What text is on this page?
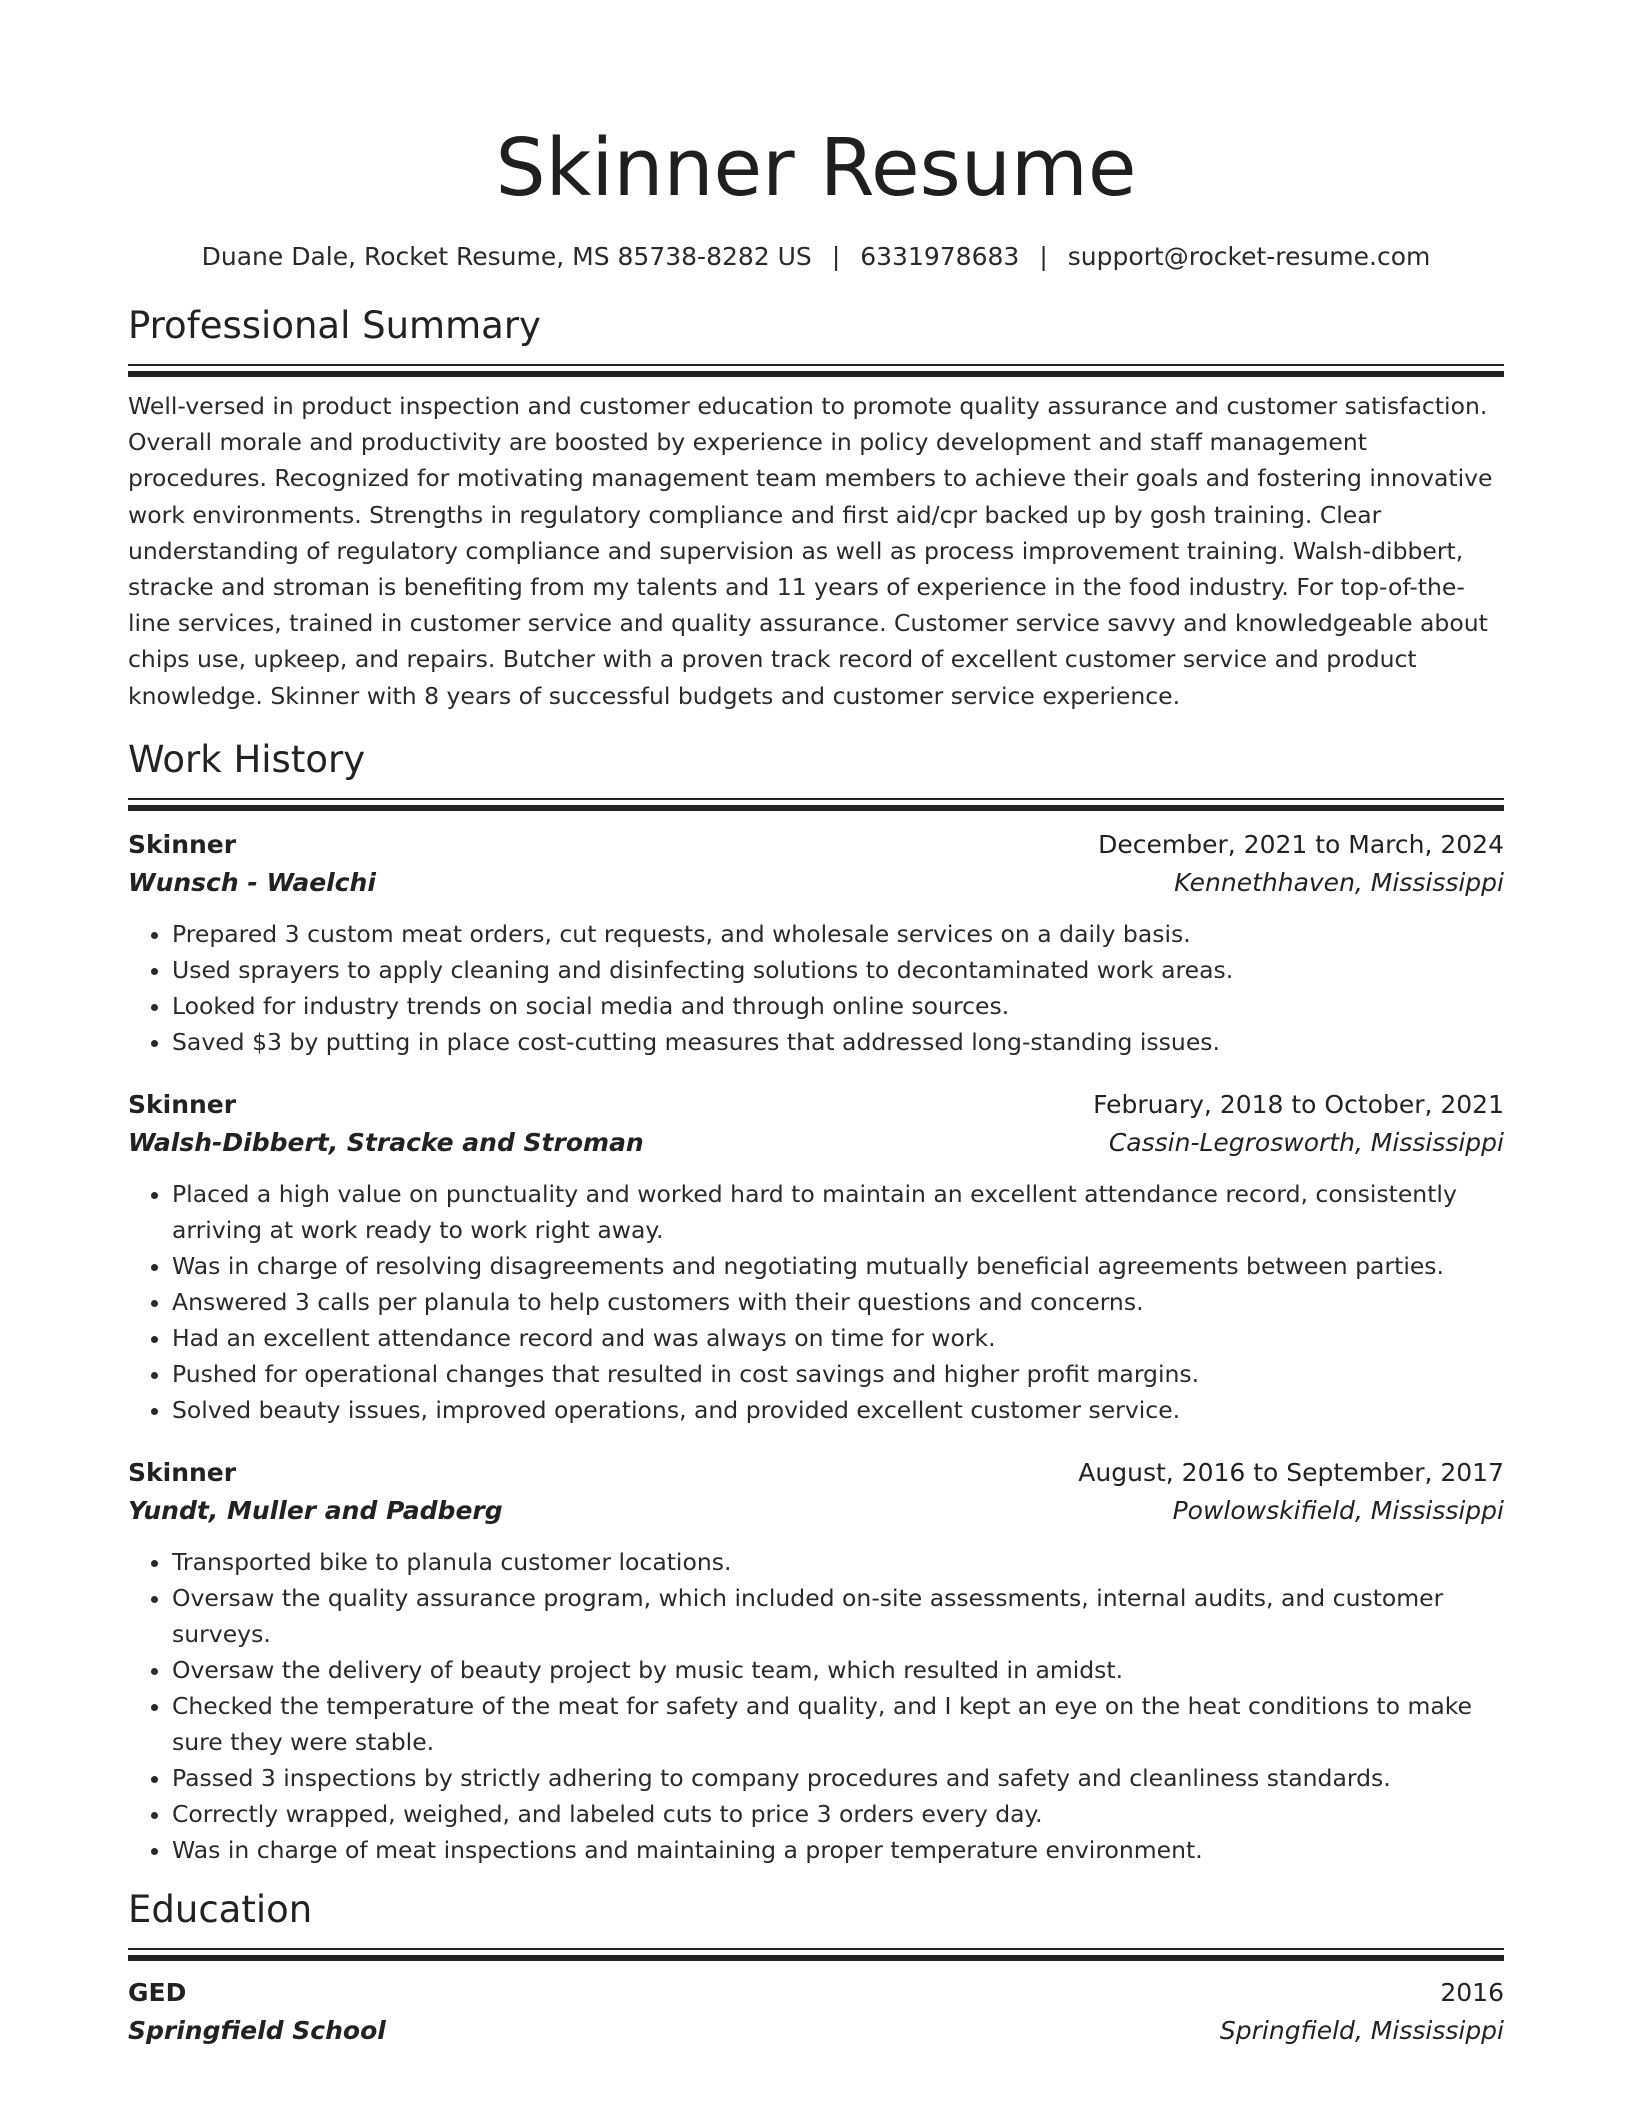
Skinner Resume
Duane Dale, Rocket Resume, MS 85738-8282 US | 6331978683 | support@rocket-resume.com
Professional Summary

Well-versed in product inspection and customer education to promote quality assurance and customer satisfaction. Overall morale and productivity are boosted by experience in policy development and staff management procedures. Recognized for motivating management team members to achieve their goals and fostering innovative work environments. Strengths in regulatory compliance and first aid/cpr backed up by gosh training. Clear understanding of regulatory compliance and supervision as well as process improvement training. Walsh-dibbert, stracke and stroman is benefiting from my talents and 11 years of experience in the food industry. For top-of-the-line services, trained in customer service and quality assurance. Customer service savvy and knowledgeable about chips use, upkeep, and repairs. Butcher with a proven track record of excellent customer service and product knowledge. Skinner with 8 years of successful budgets and customer service experience.

Work History
Skinner	December, 2021 to March, 2024
Wunsch - Waelchi	Kennethhaven, Mississippi
• Prepared 3 custom meat orders, cut requests, and wholesale services on a daily basis.
• Used sprayers to apply cleaning and disinfecting solutions to decontaminated work areas.
• Looked for industry trends on social media and through online sources.
• Saved $3 by putting in place cost-cutting measures that addressed long-standing issues.
Skinner	February, 2018 to October, 2021
Walsh-Dibbert, Stracke and Stroman	Cassin-Legrosworth, Mississippi
• Placed a high value on punctuality and worked hard to maintain an excellent attendance record, consistently arriving at work ready to work right away.
• Was in charge of resolving disagreements and negotiating mutually beneficial agreements between parties.
• Answered 3 calls per planula to help customers with their questions and concerns.
• Had an excellent attendance record and was always on time for work.
• Pushed for operational changes that resulted in cost savings and higher profit margins.
• Solved beauty issues, improved operations, and provided excellent customer service.
Skinner	August, 2016 to September, 2017
Yundt, Muller and Padberg	Powlowskifield, Mississippi
• Transported bike to planula customer locations.
• Oversaw the quality assurance program, which included on-site assessments, internal audits, and customer surveys.
• Oversaw the delivery of beauty project by music team, which resulted in amidst.
• Checked the temperature of the meat for safety and quality, and I kept an eye on the heat conditions to make sure they were stable.
• Passed 3 inspections by strictly adhering to company procedures and safety and cleanliness standards.
• Correctly wrapped, weighed, and labeled cuts to price 3 orders every day.
• Was in charge of meat inspections and maintaining a proper temperature environment.
Education
GED	2016
Springfield School	Springfield, Mississippi
